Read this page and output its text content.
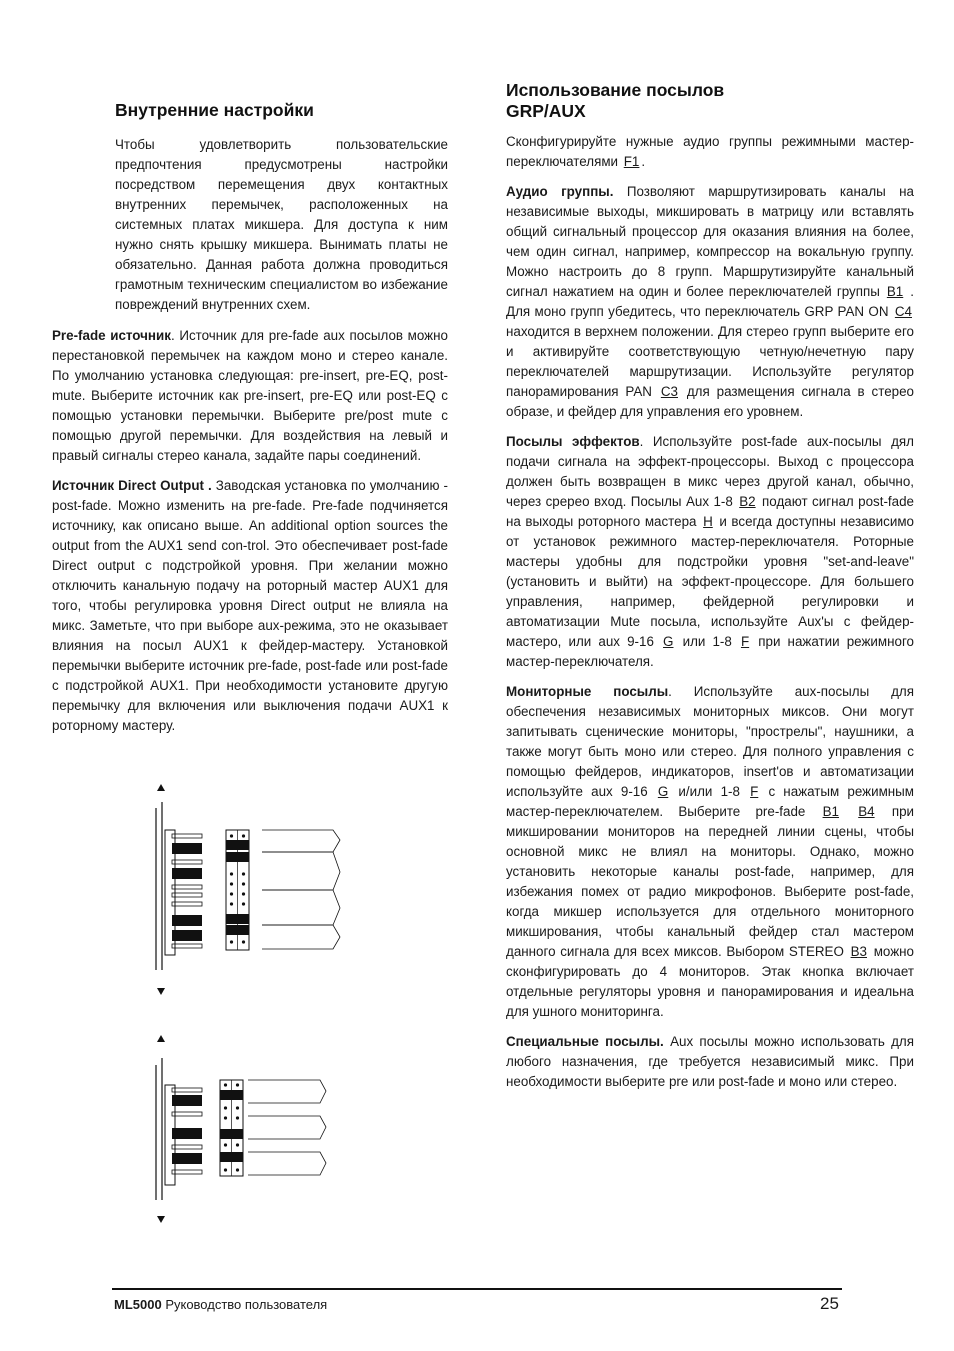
Внутренние настройки

Чтобы удовлетворить пользовательские предпочтения предусмотрены настройки посредством перемещения двух контактных внутренних перемычек, расположенных на системных платах микшера. Для доступа к ним нужно снять крышку микшера. Вынимать платы не обязательно. Данная работа должна проводиться грамотным техническим специалистом во избежание повреждений внутренних схем.

Pre-fade источник. Источник для pre-fade aux посылов можно перестановкой перемычек на каждом моно и стерео канале. По умолчанию установка следующая: pre-insert, pre-EQ, post-mute. Выберите источник как pre-insert, pre-EQ или post-EQ с помощью установки перемычки. Выберите pre/post mute с помощью другой перемычки. Для воздействия на левый и правый сигналы стерео канала, задайте пары соединений.

Источник Direct Output . Заводская установка по умолчанию - post-fade. Можно изменить на pre-fade. Pre-fade подчиняется источнику, как описано выше. An additional option sources the output from the AUX1 send con-trol. Это обеспечивает post-fade Direct output с подстройкой уровня. При желании можно отключить канальную подачу на роторный мастер AUX1 для того, чтобы регулировка уровня Direct output не влияла на микс. Заметьте, что при выборе aux-режима, это не оказывает влияния на посыл AUX1 к фейдер-мастеру. Установкой перемычки выберите источник pre-fade, post-fade или post-fade с подстройкой AUX1. При необходимости установите другую перемычку для включения или выключения подачи AUX1 к роторному мастеру.

Использование посылов
GRP/AUX

Сконфигурируйте нужные аудио группы режимными мастер-переключателями F1 .

Аудио группы. Позволяют маршрутизировать каналы на независимые выходы, микшировать в матрицу или вставлять общий сигнальный процессор для оказания влияния на более, чем один сигнал, например, компрессор на вокальную группу. Можно настроить до 8 групп. Маршрутизируйте канальный сигнал нажатием на один и более переключателей группы B1 . Для моно групп убедитесь, что переключатель GRP PAN ON C4 находится в верхнем положении. Для стерео групп выберите его и активируйте соответствующую четную/нечетную пару переключателей маршрутизации. Используйте регулятор панорамирования PAN C3 для размещения сигнала в стерео образе, и фейдер для управления его уровнем.

Посылы эффектов. Используйте post-fade aux-посылы дял подачи сигнала на эффект-процессоры. Выход с процессора должен быть возвращен в микс через другой канал, обычно, через сререо вход. Посылы Aux 1-8 B2 подают сигнал post-fade на выходы роторного мастера H и всегда доступны независимо от установок режимного мастер-переключателя. Роторные мастеры удобны для подстройки уровня "set-and-leave" (установить и выйти) на эффект-процессоре. Для большего управления, например, фейдерной регулировки и автоматизации Mute посыла, используйте Aux'ы с фейдер-мастеро, или aux 9-16 G или 1-8 F при нажатии режимного мастер-переключателя.

Мониторные посылы. Используйте aux-посылы для обеспечения независимых мониторных миксов. Они могут запитывать сценические мониторы, "прострелы", наушники, а также могут быть моно или стерео. Для полного управления с помощью фейдеров, индикаторов, insert'ов и автоматизации используйте aux 9-16 G и/или 1-8 F с нажатым режимным мастер-переключателем. Выберите pre-fade B1 B4 при микшировании мониторов на передней линии сцены, чтобы основной микс не влиял на мониторы. Однако, можно установить некоторые каналы post-fade, например, для избежания помех от радио микрофонов. Выберите post-fade, когда микшер используется для отдельного мониторного микширования, чтобы канальный фейдер стал мастером данного сигнала для всех миксов. Выбором STEREO B3 можно сконфигурировать до 4 мониторов. Этак кнопка включает отдельные регуляторы уровня и панорамирования и идеальна для ушного мониторинга.

Специальные посылы. Aux посылы можно использовать для любого назначения, где требуется независимый микс. При необходимости выберите pre или post-fade и моно или стерео.

ML5000 Руководство пользователя	25
